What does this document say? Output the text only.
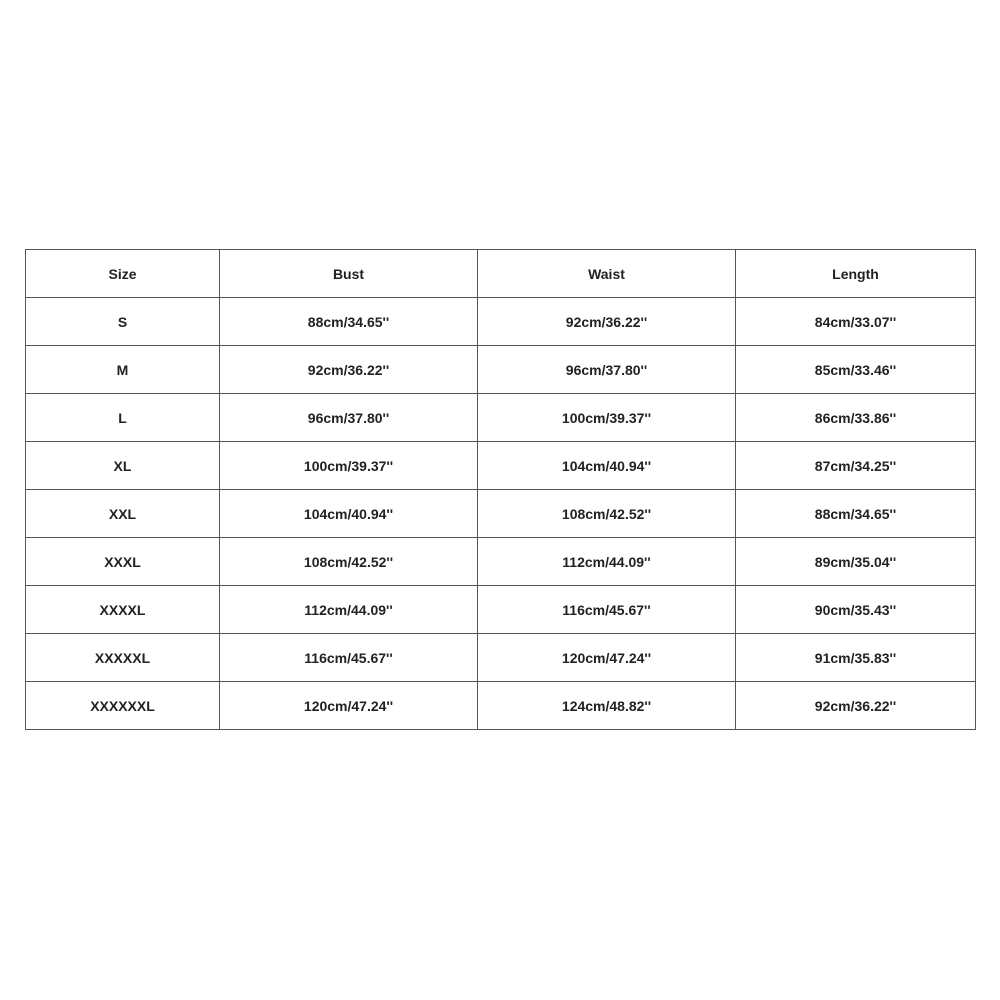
Size	Bust	Waist	Length
S	88cm/34.65''	92cm/36.22''	84cm/33.07''
M	92cm/36.22''	96cm/37.80''	85cm/33.46''
L	96cm/37.80''	100cm/39.37''	86cm/33.86''
XL	100cm/39.37''	104cm/40.94''	87cm/34.25''
XXL	104cm/40.94''	108cm/42.52''	88cm/34.65''
XXXL	108cm/42.52''	112cm/44.09''	89cm/35.04''
XXXXL	112cm/44.09''	116cm/45.67''	90cm/35.43''
XXXXXL	116cm/45.67''	120cm/47.24''	91cm/35.83''
XXXXXXL	120cm/47.24''	124cm/48.82''	92cm/36.22''
